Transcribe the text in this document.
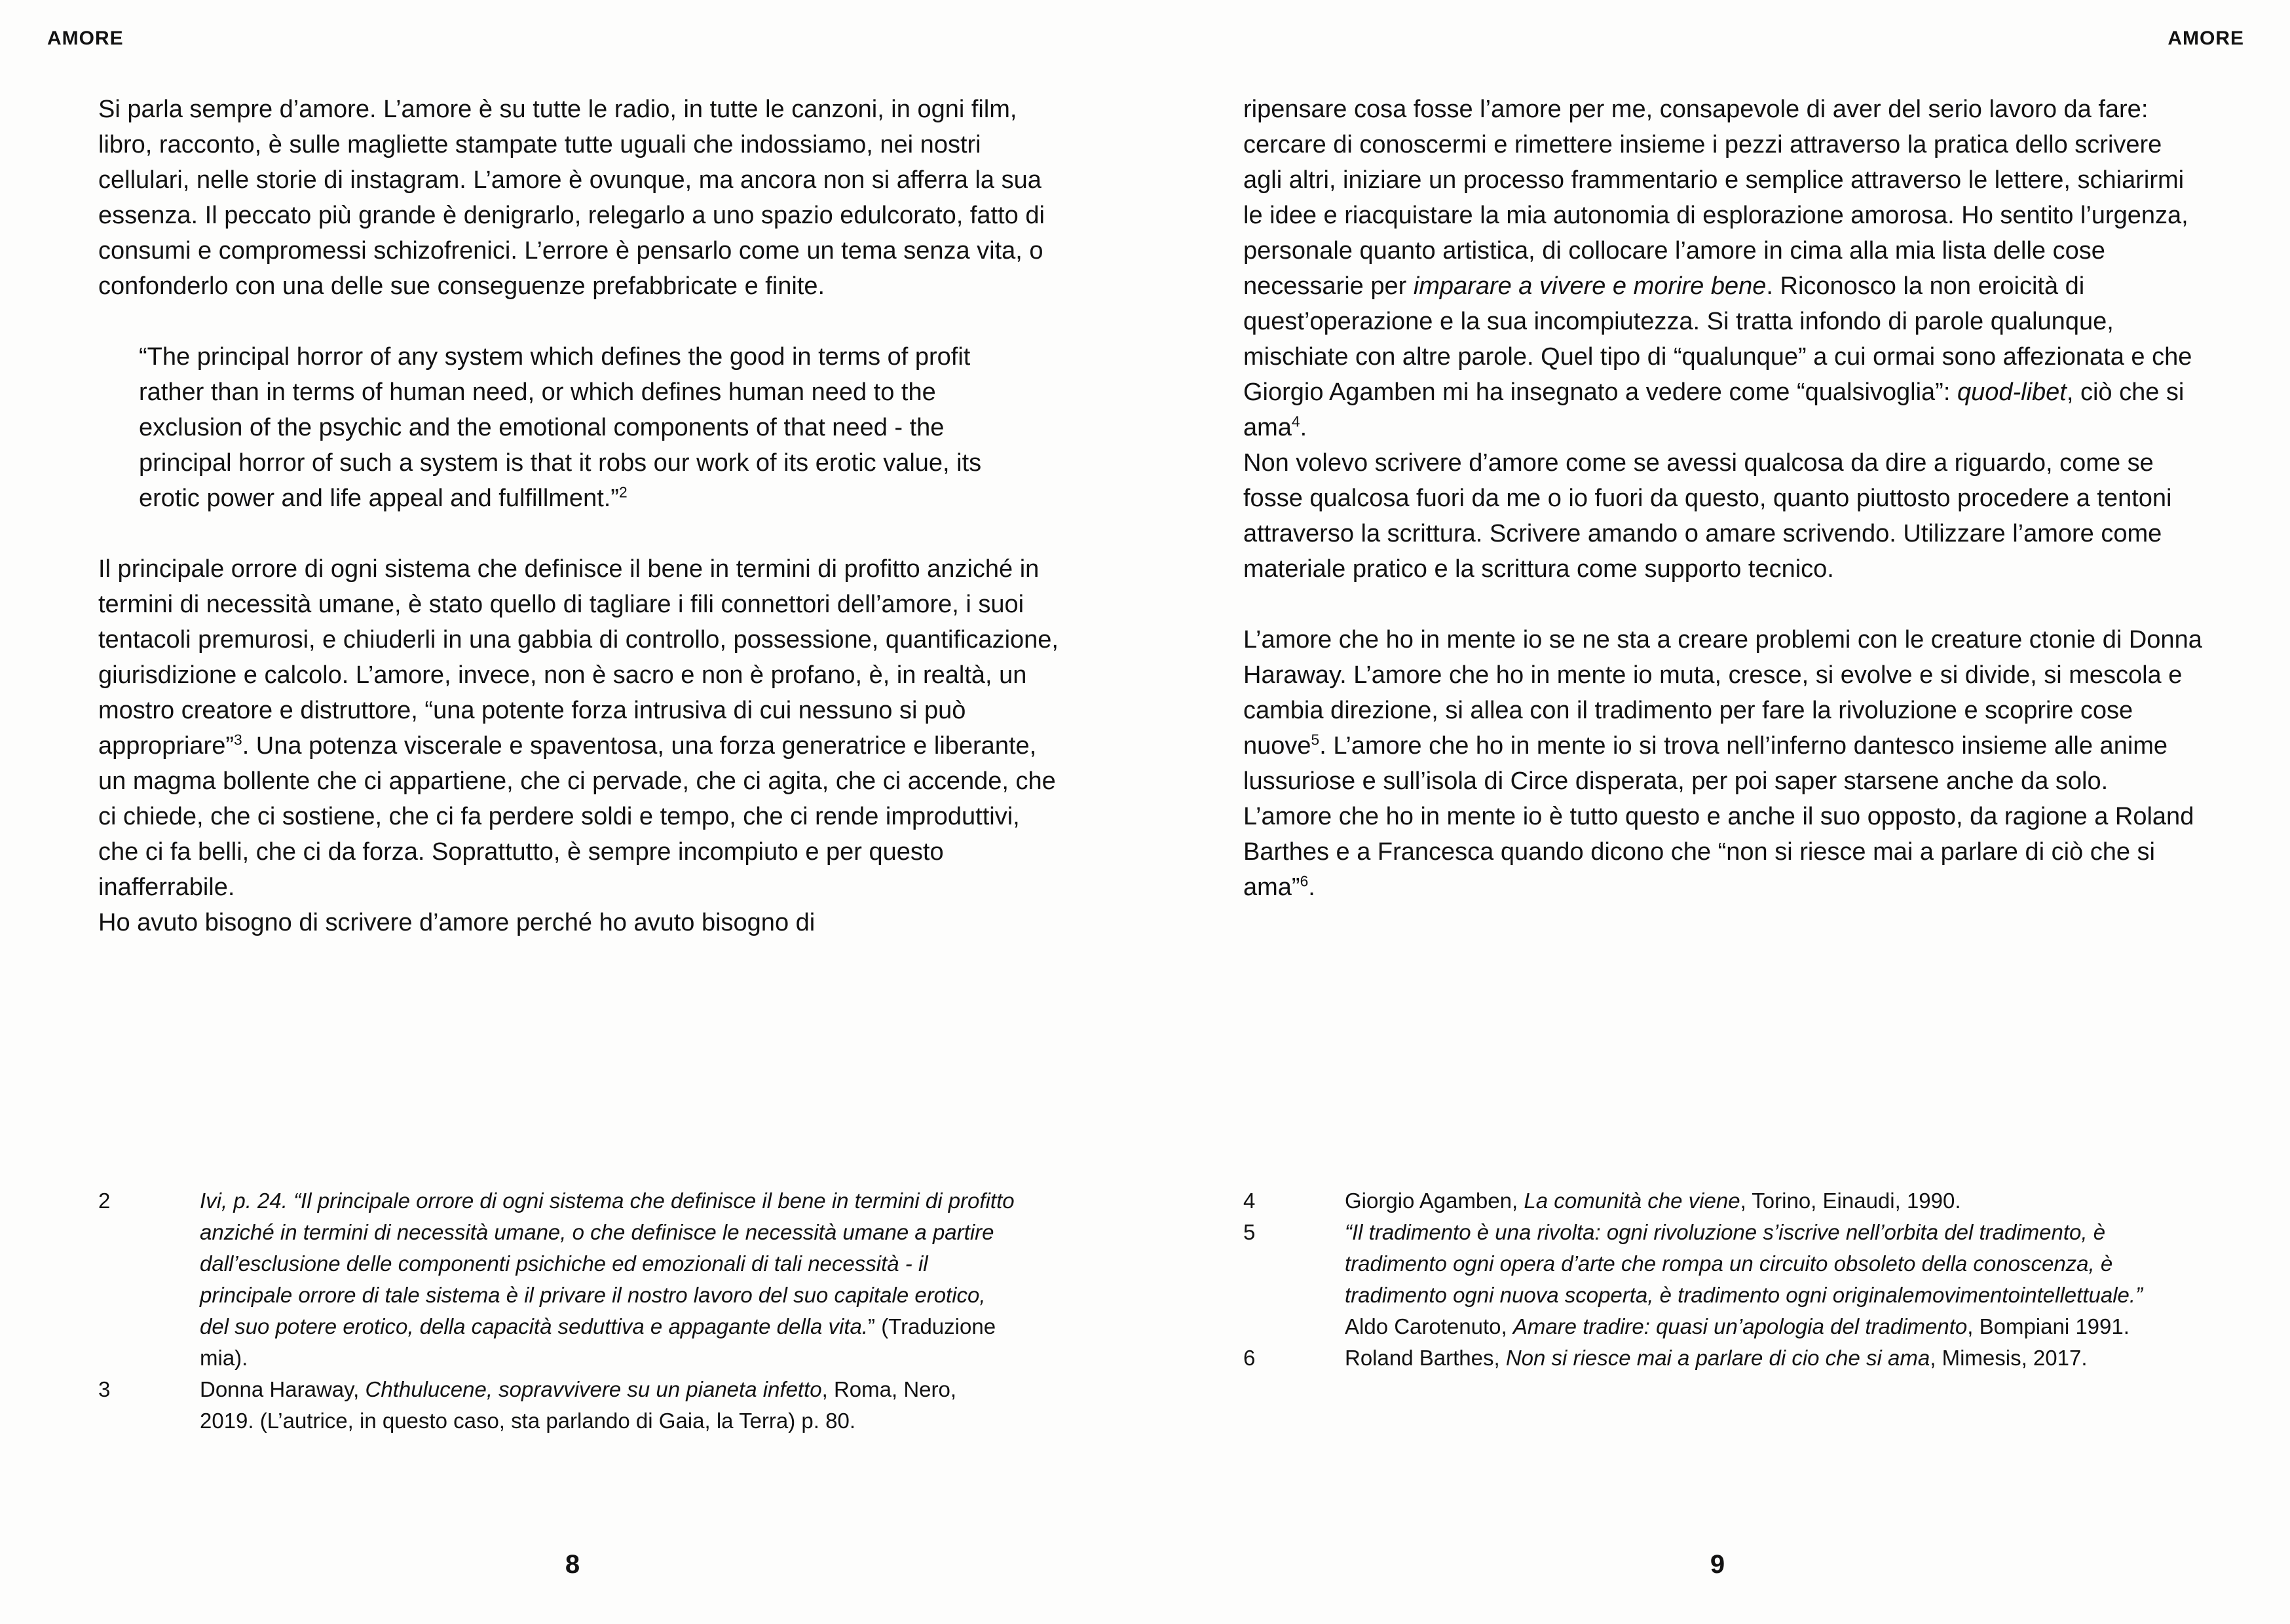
AMORE

Si parla sempre d’amore. L’amore è su tutte le radio, in tutte le canzoni, in ogni film, libro, racconto, è sulle magliette stampate tutte uguali che indossiamo, nei nostri cellulari, nelle storie di instagram. L’amore è ovunque, ma ancora non si afferra la sua essenza. Il peccato più grande è denigrarlo, relegarlo a uno spazio edulcorato, fatto di consumi e compromessi schizofrenici. L’errore è pensarlo come un tema senza vita, o confonderlo con una delle sue conseguenze prefabbricate e finite.

“The principal horror of any system which defines the good in terms of profit rather than in terms of human need, or which defines human need to the exclusion of the psychic and the emotional components of that need - the principal horror of such a system is that it robs our work of its erotic value, its erotic power and life appeal and fulfillment.”$^2$

Il principale orrore di ogni sistema che definisce il bene in termini di profitto anziché in termini di necessità umane, è stato quello di tagliare i fili connettori dell’amore, i suoi tentacoli premurosi, e chiuderli in una gabbia di controllo, possessione, quantificazione, giurisdizione e calcolo. L’amore, invece, non è sacro e non è profano, è, in realtà, un mostro creatore e distruttore, “una potente forza intrusiva di cui nessuno si può appropriare”$^3$. Una potenza viscerale e spaventosa, una forza generatrice e liberante, un magma bollente che ci appartiene, che ci pervade, che ci agita, che ci accende, che ci chiede, che ci sostiene, che ci fa perdere soldi e tempo, che ci rende improduttivi, che ci fa belli, che ci da forza. Soprattutto, è sempre incompiuto e per questo inafferrabile.

Ho avuto bisogno di scrivere d’amore perché ho avuto bisogno di

2	Ivi, p. 24. “Il principale orrore di ogni sistema che definisce il bene in termini di profitto anziché in termini di necessità umane, o che definisce le necessità umane a partire dall’esclusione delle componenti psichiche ed emozionali di tali necessità - il principale orrore di tale sistema è il privare il nostro lavoro del suo capitale erotico, del suo potere erotico, della capacità seduttiva e appagante della vita.” (Traduzione mia).
3	Donna Haraway, Chthulucene, sopravvivere su un pianeta infetto, Roma, Nero, 2019. (L’autrice, in questo caso, sta parlando di Gaia, la Terra) p. 80.
8
AMORE

ripensare cosa fosse l’amore per me, consapevole di aver del serio lavoro da fare: cercare di conoscermi e rimettere insieme i pezzi attraverso la pratica dello scrivere agli altri, iniziare un processo frammentario e semplice attraverso le lettere, schiarirmi le idee e riacquistare la mia autonomia di esplorazione amorosa. Ho sentito l’urgenza, personale quanto artistica, di collocare l’amore in cima alla mia lista delle cose necessarie per imparare a vivere e morire bene. Riconosco la non eroicità di quest’operazione e la sua incompiutezza. Si tratta infondo di parole qualunque, mischiate con altre parole. Quel tipo di “qualunque” a cui ormai sono affezionata e che Giorgio Agamben mi ha insegnato a vedere come “qualsivoglia”: quod-libet, ciò che si ama$^4$.

Non volevo scrivere d’amore come se avessi qualcosa da dire a riguardo, come se fosse qualcosa fuori da me o io fuori da questo, quanto piuttosto procedere a tentoni attraverso la scrittura. Scrivere amando o amare scrivendo. Utilizzare l’amore come materiale pratico e la scrittura come supporto tecnico.

L’amore che ho in mente io se ne sta a creare problemi con le creature ctonie di Donna Haraway. L’amore che ho in mente io muta, cresce, si evolve e si divide, si mescola e cambia direzione, si allea con il tradimento per fare la rivoluzione e scoprire cose nuove$^5$. L’amore che ho in mente io si trova nell’inferno dantesco insieme alle anime lussuriose e sull’isola di Circe disperata, per poi saper starsene anche da solo.

L’amore che ho in mente io è tutto questo e anche il suo opposto, da ragione a Roland Barthes e a Francesca quando dicono che “non si riesce mai a parlare di ciò che si ama”$^6$.

4	Giorgio Agamben, La comunità che viene, Torino, Einaudi, 1990.
5	“Il tradimento è una rivolta: ogni rivoluzione s’iscrive nell’orbita del tradimento, è tradimento ogni opera d’arte che rompa un circuito obsoleto della conoscenza, è tradimento ogni nuova scoperta, è tradimento ogni originalemovimentointellettuale.” Aldo Carotenuto, Amare tradire: quasi un’apologia del tradimento, Bompiani 1991.
6	Roland Barthes, Non si riesce mai a parlare di cio che si ama, Mimesis, 2017.
9
